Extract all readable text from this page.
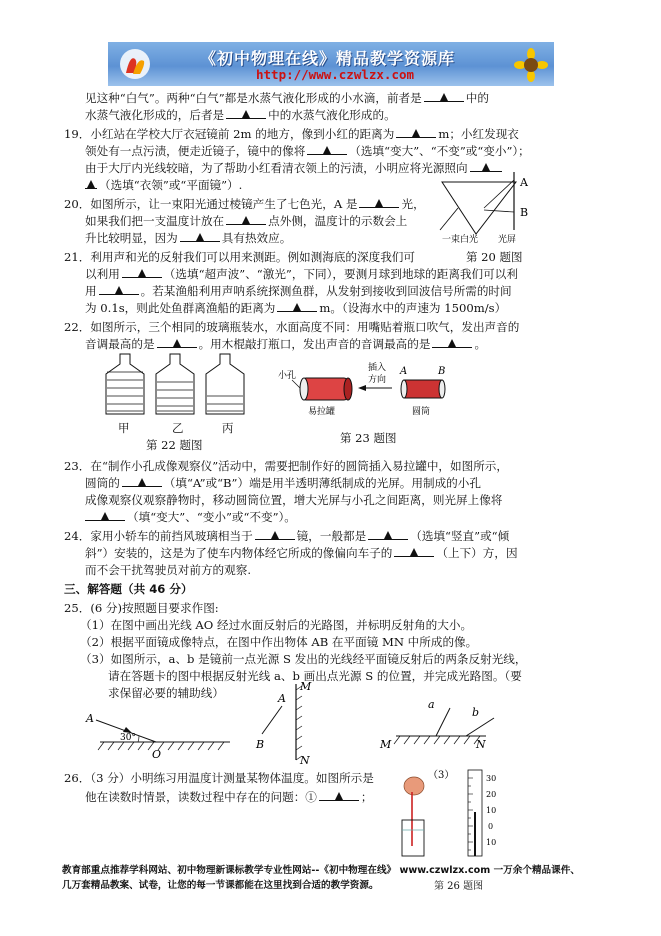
《初中物理在线》精品教学资源库
http://www.czwlzx.com
见这种“白气”。两种“白气”都是水蒸气液化形成的小水滴，前者是	中的
水蒸气液化形成的，后者是	中的水蒸气液化形成的。
19．小红站在学校大厅衣冠镜前 2m 的地方，像到小红的距离为	m；小红发现衣
领处有一点污渍，便走近镜子，镜中的像将	（选填“变大”、“不变”或“变小”）；
由于大厅内光线较暗，为了帮助小红看清衣领上的污渍，小明应将光源照向
（选填“衣领”或“平面镜”）.
20．如图所示，让一束阳光通过棱镜产生了七色光，A 是	光，
如果我们把一支温度计放在	点外侧，温度计的示数会上
升比较明显，因为	具有热效应。
A
B
一束白光 光屏
21．利用声和光的反射我们可以用来测距。例如测海底的深度我们可	第 20 题图
以利用	（选填“超声波”、“激光”，下同），要测月球到地球的距离我们可以利
用	。若某渔船利用声呐系统探测鱼群，从发射到接收到回波信号所需的时间
为 0.1s，则此处鱼群离渔船的距离为	m。（设海水中的声速为 1500m/s）
22．如图所示，三个相同的玻璃瓶装水，水面高度不同：用嘴贴着瓶口吹气，发出声音的
音调最高的是	。用木棍敲打瓶口，发出声音的音调最高的是	。
甲	乙	丙
第 22 题图
小孔
插入
方向
A	B
易拉罐	圆筒
第 23 题图
23．在“制作小孔成像观察仪”活动中，需要把制作好的圆筒插入易拉罐中，如图所示，
圆筒的	（填“A”或“B”）端是用半透明薄纸制成的光屏。用制成的小孔
成像观察仪观察静物时，移动圆筒位置，增大光屏与小孔之间距离，则光屏上像将
（填“变大”、“变小”或“不变”）。
24．家用小轿车的前挡风玻璃相当于	镜，一般都是	（选填“竖直”或“倾
斜”）安装的，这是为了使车内物体经它所成的像偏向车子的	（上下）方，因
而不会干扰驾驶员对前方的观察.
三、解答题（共 46 分）
25．(6 分)按照题目要求作图:
（1）在图中画出光线 AO 经过水面反射后的光路图，并标明反射角的大小。
（2）根据平面镜成像特点，在图中作出物体 AB 在平面镜 MN 中所成的像。
（3）如图所示，a、b 是镜前一点光源 S 发出的光线经平面镜反射后的两条反射光线，
请在答题卡的图中根据反射光线 a、b 画出点光源 S 的位置，并完成光路图。（要
求保留必要的辅助线）
A
30°
O
M
N
A
B
a
b
M	N
26．（3 分）小明练习用温度计测量某物体温度。如图所示是
他在读数时情景，读数过程中存在的问题：①	；
（3）	30
20
10
0
10
教育部重点推荐学科网站、初中物理新课标教学专业性网站--《初中物理在线》 www.czwlzx.com 一万余个精品课件、
几万套精品教案、试卷，让您的每一节课都能在这里找到合适的教学资源。	第 26 题图
